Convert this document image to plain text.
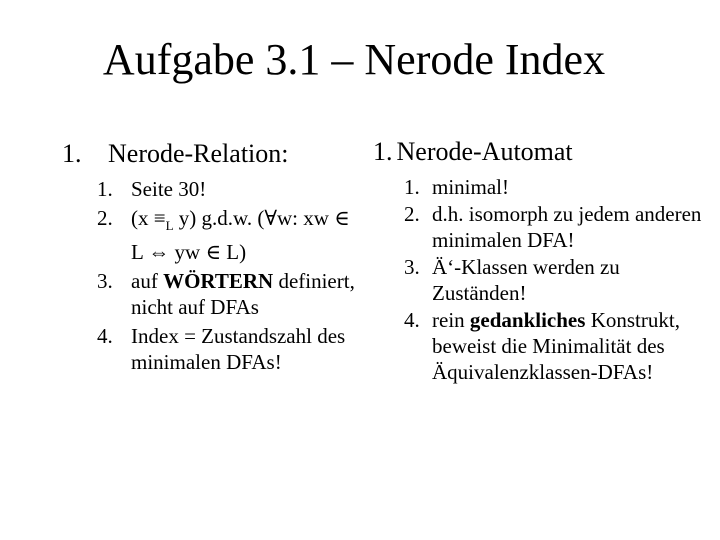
Aufgabe 3.1 – Nerode Index
1. Nerode-Relation:
1. Seite 30!
2. ($x \equiv_L$ y) g.d.w. (∀w: xw ∈ L ⇔ yw ∈ L)
3. auf WÖRTERN definiert, nicht auf DFAs
4. Index = Zustandszahl des minimalen DFAs!
1. Nerode-Automat
1. minimal!
2. d.h. isomorph zu jedem anderen minimalen DFA!
3. Ä‘-Klassen werden zu Zuständen!
4. rein gedankliches Konstrukt, beweist die Minimalität des Äquivalenzklassen-DFAs!
